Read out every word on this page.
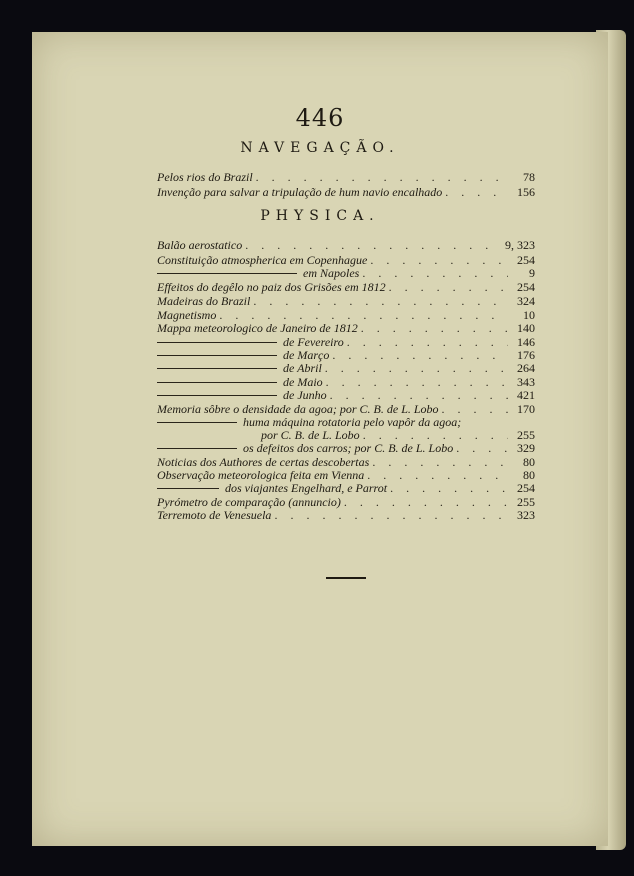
446
NAVEGAÇÃO.
Pelos rios do Brazil . . .	78
Invenção para salvar a tripulação de hum navio encalhado . . .	156
PHYSICA.
Balão aerostatico . . .	9, 323
Constituição atmospherica em Copenhague . . .	254
em Napoles . . .	9
Effeitos do degêlo no paiz dos Grisões em 1812 . . .	254
Madeiras do Brazil . . .	324
Magnetismo . . .	10
Mappa meteorologico de Janeiro de 1812 . . .	140
de Fevereiro . . .	146
de Março . . .	176
de Abril . . .	264
de Maio . . .	343
de Junho . . .	421
Memoria sôbre o densidade da agoa; por C. B. de L. Lobo . . .	170
huma máquina rotatoria pelo vapôr da agoa;
por C. B. de L. Lobo . . .	255
os defeitos dos carros; por C. B. de L. Lobo . . .	329
Noticias dos Authores de certas descobertas . . .	80
Observação meteorologica feita em Vienna . . .	80
dos viajantes Engelhard, e Parrot . . .	254
Pyrómetro de comparação (annuncio) . . .	255
Terremoto de Venesuela . . .	323
